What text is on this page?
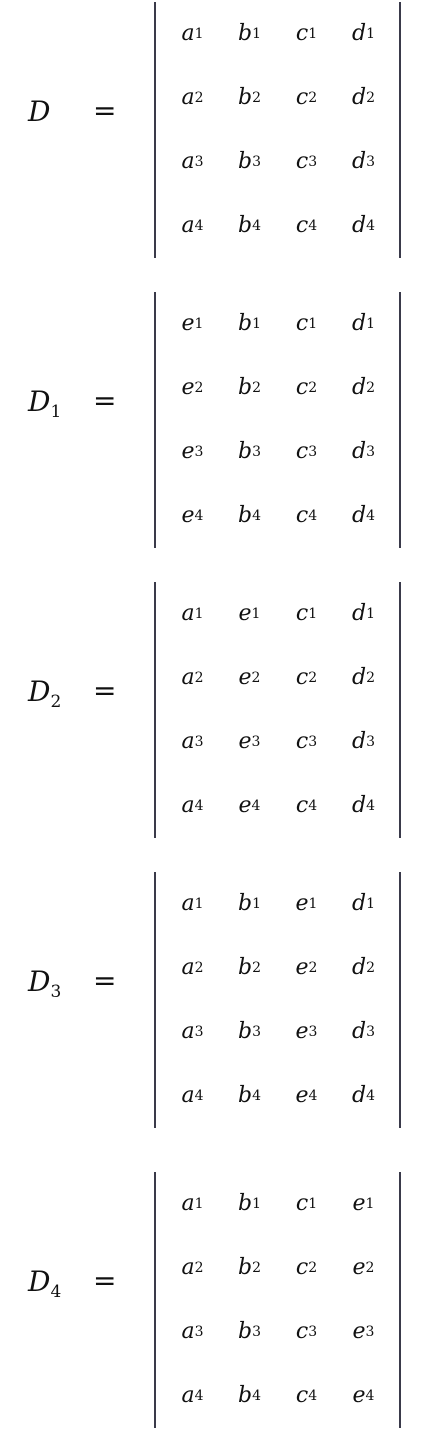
D =
a 1 b 1 c 1 d 1
a 2 b 2 c 2 d 2
a 3 b 3 c 3 d 3
a 4 b 4 c 4 d 4
$D_1$ =
e 1 b 1 c 1 d 1
e 2 b 2 c 2 d 2
e 3 b 3 c 3 d 3
e 4 b 4 c 4 d 4
$D_2$ =
a 1 e 1 c 1 d 1
a 2 e 2 c 2 d 2
a 3 e 3 c 3 d 3
a 4 e 4 c 4 d 4
$D_3$ =
a 1 b 1 e 1 d 1
a 2 b 2 e 2 d 2
a 3 b 3 e 3 d 3
a 4 b 4 e 4 d 4
$D_4$ =
a 1 b 1 c 1 e 1
a 2 b 2 c 2 e 2
a 3 b 3 c 3 e 3
a 4 b 4 c 4 e 4
